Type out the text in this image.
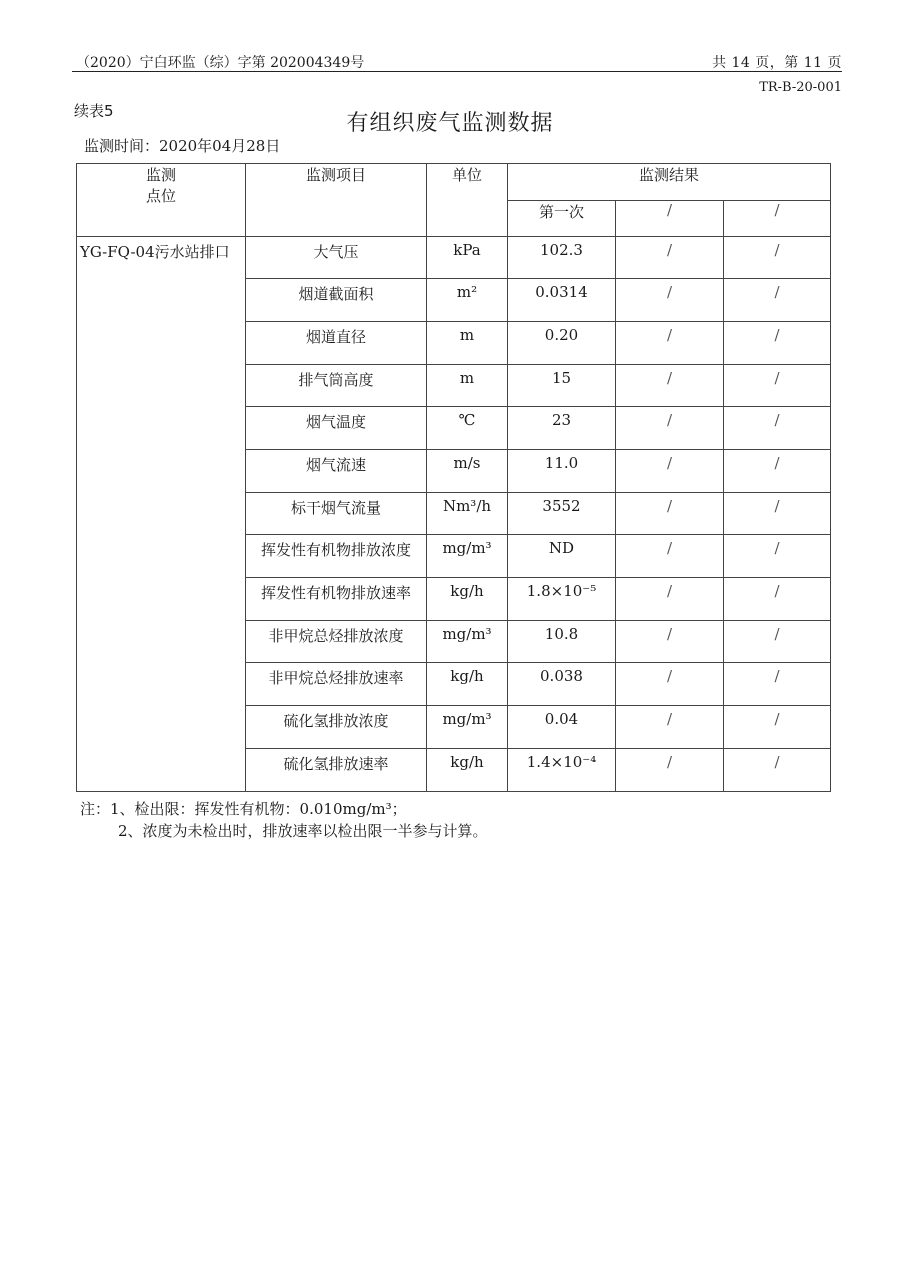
（2020）宁白环监（综）字第 202004349号	共 14 页，第 11 页
TR-B-20-001
续表5	有组织废气监测数据
监测时间：2020年04月28日
监测
点位	监测项目	单位	监测结果		
			第一次	/	/

YG-FQ-04污水站排口	大气压	kPa	102.3	/	/

	烟道截面积	m²	0.0314	/	/

	烟道直径	m	0.20	/	/

	排气筒高度	m	15	/	/

	烟气温度	℃	23	/	/

	烟气流速	m/s	11.0	/	/

	标干烟气流量	Nm³/h	3552	/	/

	挥发性有机物排放浓度	mg/m³	ND	/	/

	挥发性有机物排放速率	kg/h	1.8×10⁻⁵	/	/

	非甲烷总烃排放浓度	mg/m³	10.8	/	/

	非甲烷总烃排放速率	kg/h	0.038	/	/

	硫化氢排放浓度	mg/m³	0.04	/	/

	硫化氢排放速率	kg/h	1.4×10⁻⁴	/	/
注：1、检出限：挥发性有机物：0.010mg/m³；
2、浓度为未检出时，排放速率以检出限一半参与计算。
